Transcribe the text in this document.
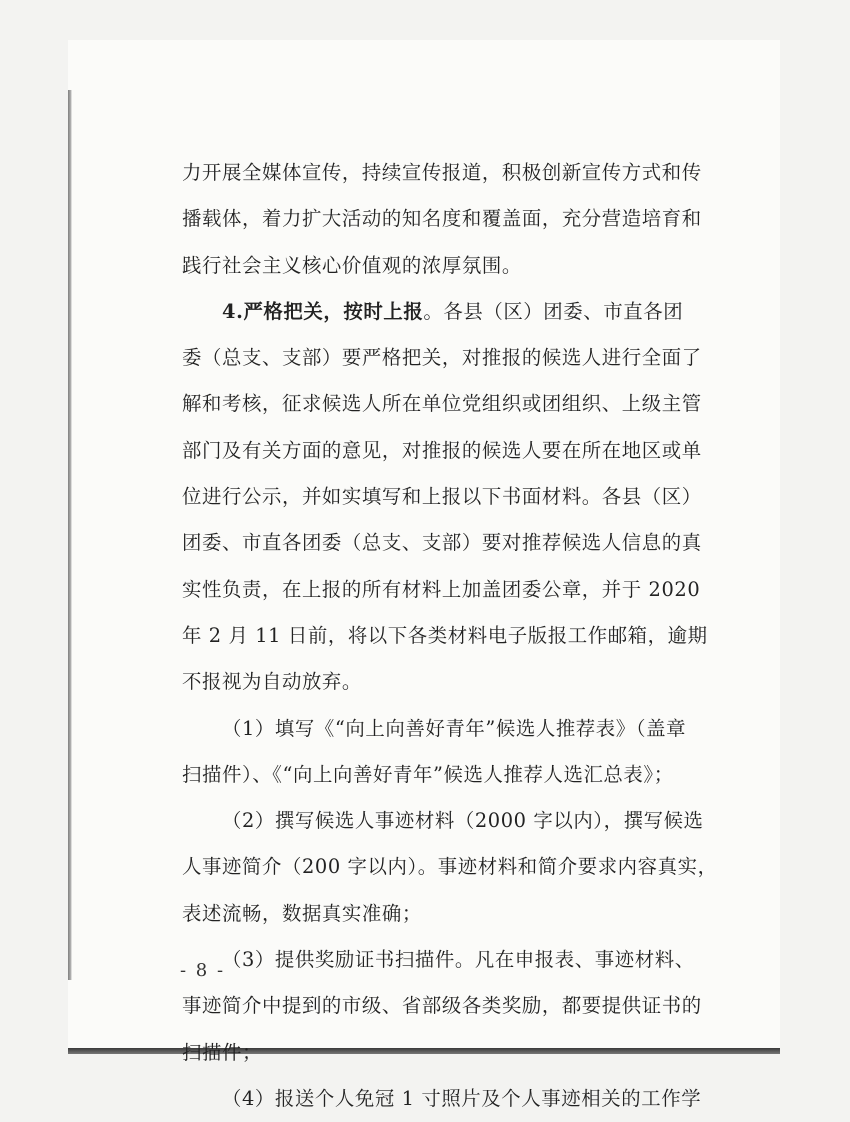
力开展全媒体宣传，持续宣传报道，积极创新宣传方式和传
播载体，着力扩大活动的知名度和覆盖面，充分营造培育和
践行社会主义核心价值观的浓厚氛围。
4.严格把关，按时上报。各县（区）团委、市直各团
委（总支、支部）要严格把关，对推报的候选人进行全面了
解和考核，征求候选人所在单位党组织或团组织、上级主管
部门及有关方面的意见，对推报的候选人要在所在地区或单
位进行公示，并如实填写和上报以下书面材料。各县（区）
团委、市直各团委（总支、支部）要对推荐候选人信息的真
实性负责，在上报的所有材料上加盖团委公章，并于 2020
年 2 月 11 日前，将以下各类材料电子版报工作邮箱，逾期
不报视为自动放弃。
（1）填写《“向上向善好青年”候选人推荐表》（盖章
扫描件）、《“向上向善好青年”候选人推荐人选汇总表》；
（2）撰写候选人事迹材料（2000 字以内），撰写候选
人事迹简介（200 字以内）。事迹材料和简介要求内容真实，
表述流畅，数据真实准确；
（3）提供奖励证书扫描件。凡在申报表、事迹材料、
事迹简介中提到的市级、省部级各类奖励，都要提供证书的
扫描件；
（4）报送个人免冠 1 寸照片及个人事迹相关的工作学
- 8 -
